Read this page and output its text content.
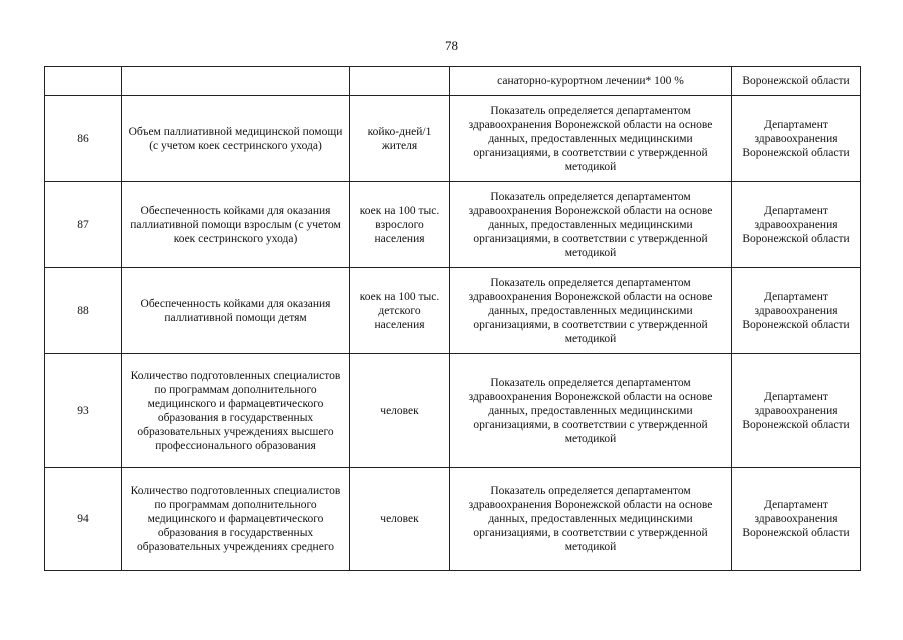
78
			санаторно-курортном лечении* 100 %	Воронежской области
86	Объем паллиативной медицинской помощи (с учетом коек сестринского ухода)	койко-дней/1 жителя	Показатель определяется департаментом здравоохранения Воронежской области на основе данных, предоставленных медицинскими организациями, в соответствии с утвержденной методикой	Департамент здравоохранения Воронежской области
87	Обеспеченность койками для оказания паллиативной помощи взрослым (с учетом коек сестринского ухода)	коек на 100 тыс. взрослого населения	Показатель определяется департаментом здравоохранения Воронежской области на основе данных, предоставленных медицинскими организациями, в соответствии с утвержденной методикой	Департамент здравоохранения Воронежской области
88	Обеспеченность койками для оказания паллиативной помощи детям	коек на 100 тыс. детского населения	Показатель определяется департаментом здравоохранения Воронежской области на основе данных, предоставленных медицинскими организациями, в соответствии с утвержденной методикой	Департамент здравоохранения Воронежской области
93	Количество подготовленных специалистов по программам дополнительного медицинского и фармацевтического образования в государственных образовательных учреждениях высшего профессионального образования	человек	Показатель определяется департаментом здравоохранения Воронежской области на основе данных, предоставленных медицинскими организациями, в соответствии с утвержденной методикой	Департамент здравоохранения Воронежской области
94	Количество подготовленных специалистов по программам дополнительного медицинского и фармацевтического образования в государственных образовательных учреждениях среднего	человек	Показатель определяется департаментом здравоохранения Воронежской области на основе данных, предоставленных медицинскими организациями, в соответствии с утвержденной методикой	Департамент здравоохранения Воронежской области
